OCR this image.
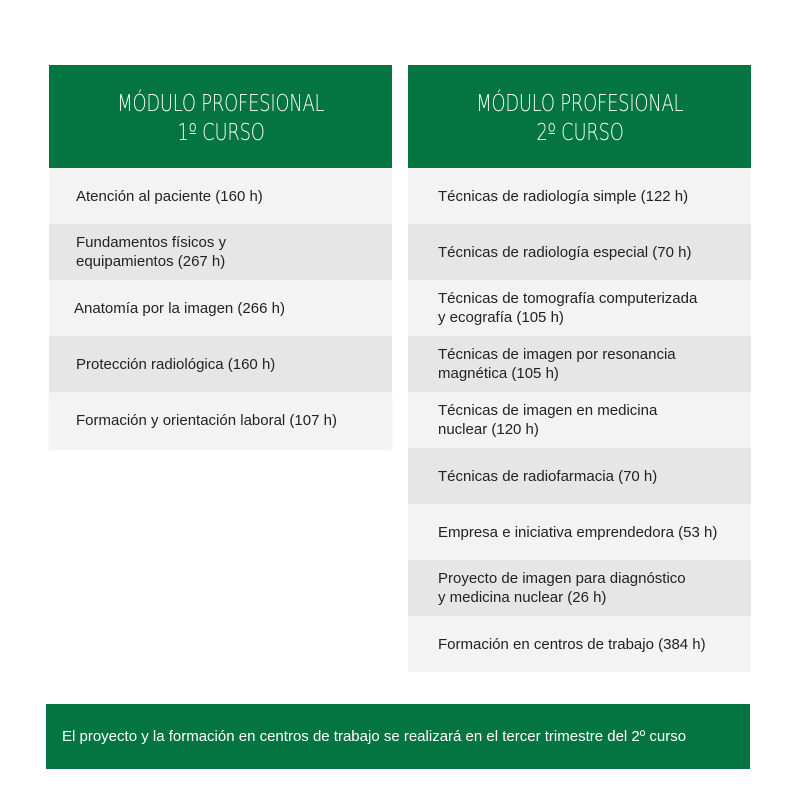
MÓDULO PROFESIONAL
1º CURSO
Atención al paciente (160 h)
Fundamentos físicos y
equipamientos (267 h)
Anatomía por la imagen (266 h)
Protección radiológica (160 h)
Formación y orientación laboral (107 h)
MÓDULO PROFESIONAL
2º CURSO
Técnicas de radiología simple (122 h)
Técnicas de radiología especial (70 h)
Técnicas de tomografía computerizada
y ecografía (105 h)
Técnicas de imagen por resonancia
magnética (105 h)
Técnicas de imagen en medicina
nuclear (120 h)
Técnicas de radiofarmacia (70 h)
Empresa e iniciativa emprendedora (53 h)
Proyecto de imagen para diagnóstico
y medicina nuclear (26 h)
Formación en centros de trabajo (384 h)
El proyecto y la formación en centros de trabajo se realizará en el tercer trimestre del 2º curso
